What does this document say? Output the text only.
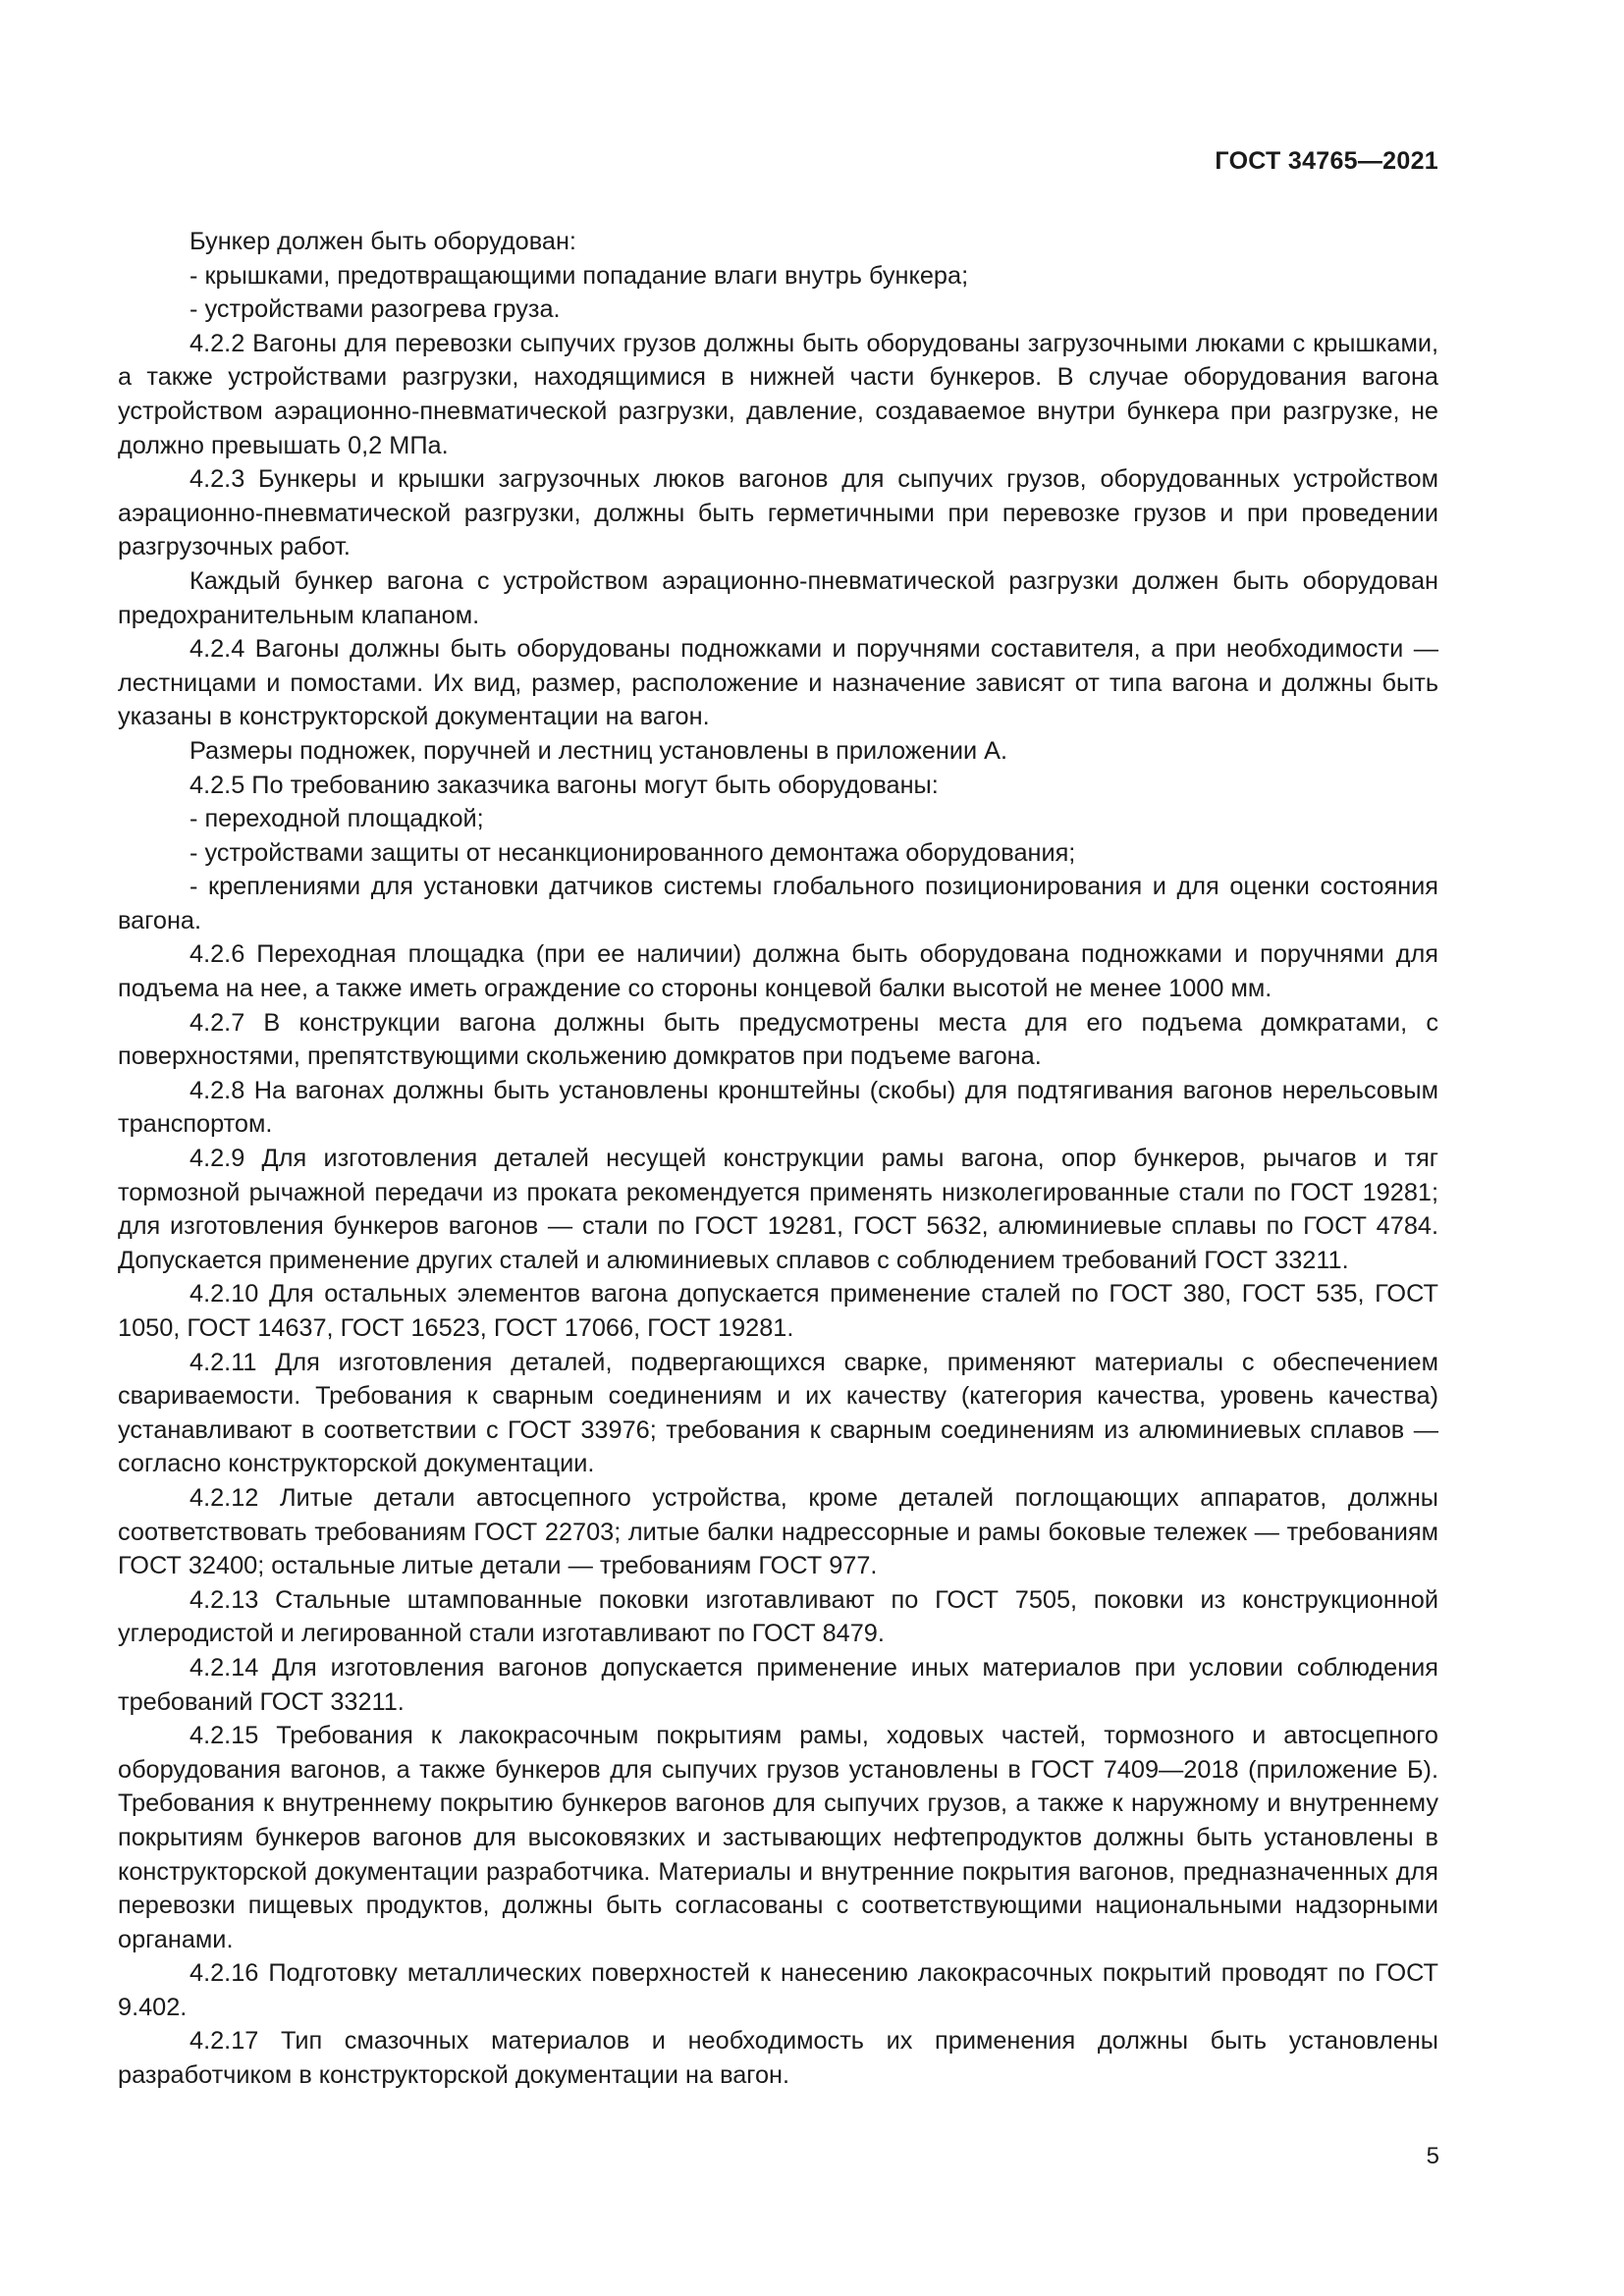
ГОСТ 34765—2021

Бункер должен быть оборудован:

- крышками, предотвращающими попадание влаги внутрь бункера;

- устройствами разогрева груза.

4.2.2 Вагоны для перевозки сыпучих грузов должны быть оборудованы загрузочными люками с крышками, а также устройствами разгрузки, находящимися в нижней части бункеров. В случае оборудования вагона устройством аэрационно-пневматической разгрузки, давление, создаваемое внутри бункера при разгрузке, не должно превышать 0,2 МПа.

4.2.3 Бункеры и крышки загрузочных люков вагонов для сыпучих грузов, оборудованных устройством аэрационно-пневматической разгрузки, должны быть герметичными при перевозке грузов и при проведении разгрузочных работ.

Каждый бункер вагона с устройством аэрационно-пневматической разгрузки должен быть оборудован предохранительным клапаном.

4.2.4 Вагоны должны быть оборудованы подножками и поручнями составителя, а при необходимости — лестницами и помостами. Их вид, размер, расположение и назначение зависят от типа вагона и должны быть указаны в конструкторской документации на вагон.

Размеры подножек, поручней и лестниц установлены в приложении А.

4.2.5 По требованию заказчика вагоны могут быть оборудованы:

- переходной площадкой;

- устройствами защиты от несанкционированного демонтажа оборудования;

- креплениями для установки датчиков системы глобального позиционирования и для оценки состояния вагона.

4.2.6 Переходная площадка (при ее наличии) должна быть оборудована подножками и поручнями для подъема на нее, а также иметь ограждение со стороны концевой балки высотой не менее 1000 мм.

4.2.7 В конструкции вагона должны быть предусмотрены места для его подъема домкратами, с поверхностями, препятствующими скольжению домкратов при подъеме вагона.

4.2.8 На вагонах должны быть установлены кронштейны (скобы) для подтягивания вагонов нерельсовым транспортом.

4.2.9 Для изготовления деталей несущей конструкции рамы вагона, опор бункеров, рычагов и тяг тормозной рычажной передачи из проката рекомендуется применять низколегированные стали по ГОСТ 19281; для изготовления бункеров вагонов — стали по ГОСТ 19281, ГОСТ 5632, алюминиевые сплавы по ГОСТ 4784. Допускается применение других сталей и алюминиевых сплавов с соблюдением требований ГОСТ 33211.

4.2.10 Для остальных элементов вагона допускается применение сталей по ГОСТ 380, ГОСТ 535, ГОСТ 1050, ГОСТ 14637, ГОСТ 16523, ГОСТ 17066, ГОСТ 19281.

4.2.11 Для изготовления деталей, подвергающихся сварке, применяют материалы с обеспечением свариваемости. Требования к сварным соединениям и их качеству (категория качества, уровень качества) устанавливают в соответствии с ГОСТ 33976; требования к сварным соединениям из алюминиевых сплавов — согласно конструкторской документации.

4.2.12 Литые детали автосцепного устройства, кроме деталей поглощающих аппаратов, должны соответствовать требованиям ГОСТ 22703; литые балки надрессорные и рамы боковые тележек — требованиям ГОСТ 32400; остальные литые детали — требованиям ГОСТ 977.

4.2.13 Стальные штампованные поковки изготавливают по ГОСТ 7505, поковки из конструкционной углеродистой и легированной стали изготавливают по ГОСТ 8479.

4.2.14 Для изготовления вагонов допускается применение иных материалов при условии соблюдения требований ГОСТ 33211.

4.2.15 Требования к лакокрасочным покрытиям рамы, ходовых частей, тормозного и автосцепного оборудования вагонов, а также бункеров для сыпучих грузов установлены в ГОСТ 7409—2018 (приложение Б). Требования к внутреннему покрытию бункеров вагонов для сыпучих грузов, а также к наружному и внутреннему покрытиям бункеров вагонов для высоковязких и застывающих нефтепродуктов должны быть установлены в конструкторской документации разработчика. Материалы и внутренние покрытия вагонов, предназначенных для перевозки пищевых продуктов, должны быть согласованы с соответствующими национальными надзорными органами.

4.2.16 Подготовку металлических поверхностей к нанесению лакокрасочных покрытий проводят по ГОСТ 9.402.

4.2.17 Тип смазочных материалов и необходимость их применения должны быть установлены разработчиком в конструкторской документации на вагон.

5
